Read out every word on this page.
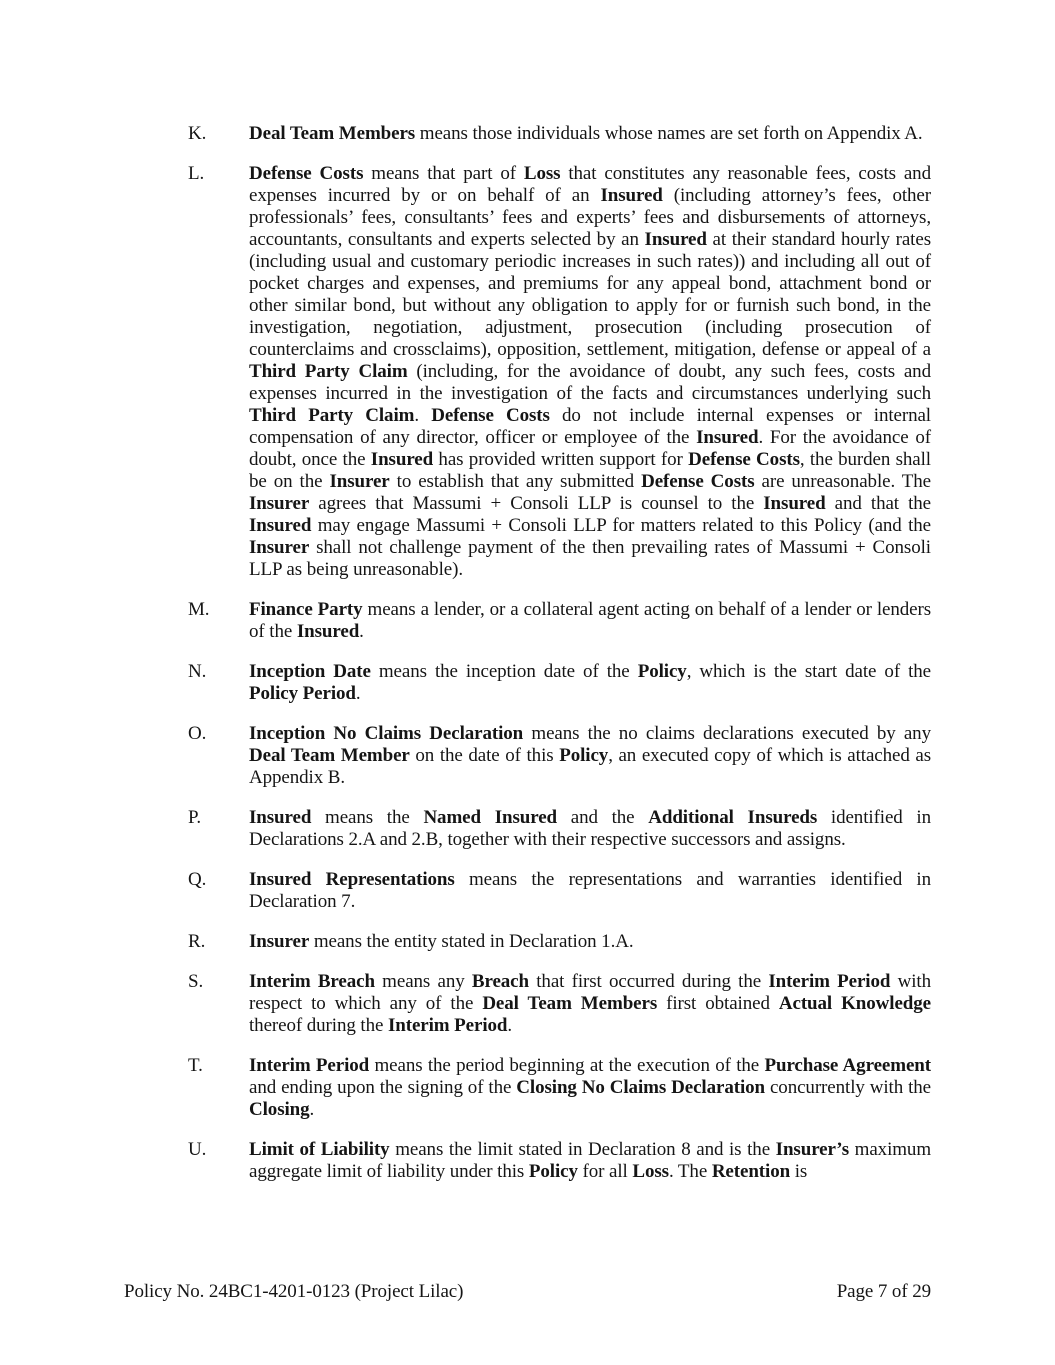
K.	Deal Team Members means those individuals whose names are set forth on Appendix A.
L.	Defense Costs means that part of Loss that constitutes any reasonable fees, costs and expenses incurred by or on behalf of an Insured (including attorney’s fees, other professionals’ fees, consultants’ fees and experts’ fees and disbursements of attorneys, accountants, consultants and experts selected by an Insured at their standard hourly rates (including usual and customary periodic increases in such rates)) and including all out of pocket charges and expenses, and premiums for any appeal bond, attachment bond or other similar bond, but without any obligation to apply for or furnish such bond, in the investigation, negotiation, adjustment, prosecution (including prosecution of counterclaims and crossclaims), opposition, settlement, mitigation, defense or appeal of a Third Party Claim (including, for the avoidance of doubt, any such fees, costs and expenses incurred in the investigation of the facts and circumstances underlying such Third Party Claim. Defense Costs do not include internal expenses or internal compensation of any director, officer or employee of the Insured. For the avoidance of doubt, once the Insured has provided written support for Defense Costs, the burden shall be on the Insurer to establish that any submitted Defense Costs are unreasonable. The Insurer agrees that Massumi + Consoli LLP is counsel to the Insured and that the Insured may engage Massumi + Consoli LLP for matters related to this Policy (and the Insurer shall not challenge payment of the then prevailing rates of Massumi + Consoli LLP as being unreasonable).
M.	Finance Party means a lender, or a collateral agent acting on behalf of a lender or lenders of the Insured.
N.	Inception Date means the inception date of the Policy, which is the start date of the Policy Period.
O.	Inception No Claims Declaration means the no claims declarations executed by any Deal Team Member on the date of this Policy, an executed copy of which is attached as Appendix B.
P.	Insured means the Named Insured and the Additional Insureds identified in Declarations 2.A and 2.B, together with their respective successors and assigns.
Q.	Insured Representations means the representations and warranties identified in Declaration 7.
R.	Insurer means the entity stated in Declaration 1.A.
S.	Interim Breach means any Breach that first occurred during the Interim Period with respect to which any of the Deal Team Members first obtained Actual Knowledge thereof during the Interim Period.
T.	Interim Period means the period beginning at the execution of the Purchase Agreement and ending upon the signing of the Closing No Claims Declaration concurrently with the Closing.
U.	Limit of Liability means the limit stated in Declaration 8 and is the Insurer’s maximum aggregate limit of liability under this Policy for all Loss. The Retention is
Policy No. 24BC1-4201-0123 (Project Lilac)	Page 7 of 29
